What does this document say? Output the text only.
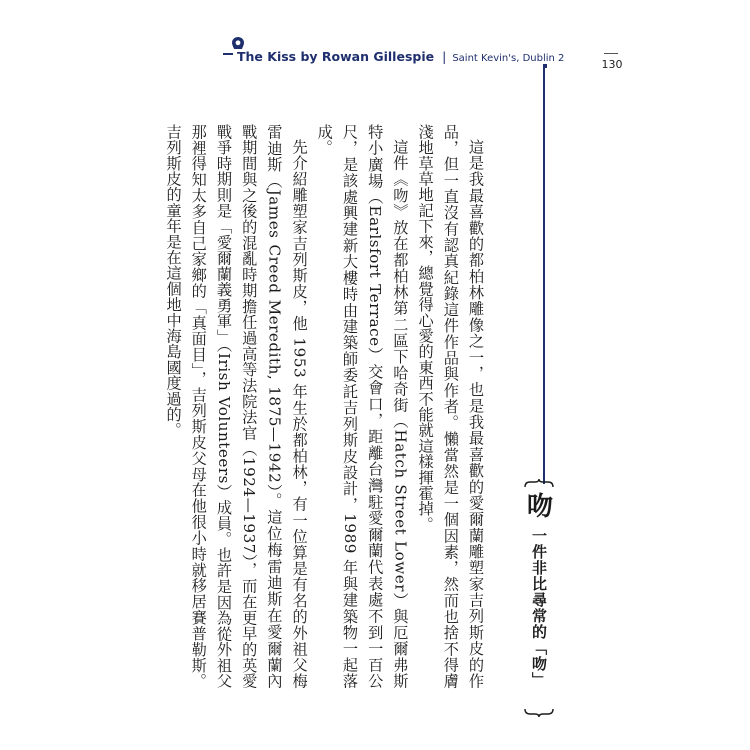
The Kiss by Rowan Gillespie | Saint Kevin's, Dublin 2	130
吻
一件非比尋常的「吻」

這是我最喜歡的都柏林雕像之一，也是我最喜歡的愛爾蘭雕塑家吉列斯皮的作品，但一直沒有認真紀錄這件作品與作者。懶當然是一個因素，然而也捨不得膚淺地草草地記下來，總覺得心愛的東西不能就這樣揮霍掉。

這件《吻》放在都柏林第二區下哈奇街（Hatch Street Lower）與厄爾弗斯特小廣場（Earlsfort Terrace）交會口，距離台灣駐愛爾蘭代表處不到一百公尺，是該處興建新大樓時由建築師委託吉列斯皮設計，1989 年與建築物一起落成。

先介紹雕塑家吉列斯皮，他 1953 年生於都柏林，有一位算是有名的外祖父梅雷迪斯（James Creed Meredith, 1875—1942）。這位梅雷迪斯在愛爾蘭內戰期間與之後的混亂時期擔任過高等法院法官（1924—1937），而在更早的英愛戰爭時期則是「愛爾蘭義勇軍」（Irish Volunteers）成員。也許是因為從外祖父那裡得知太多自己家鄉的「真面目」，吉列斯皮父母在他很小時就移居賽普勒斯。吉列斯皮的童年是在這個地中海島國度過的。
